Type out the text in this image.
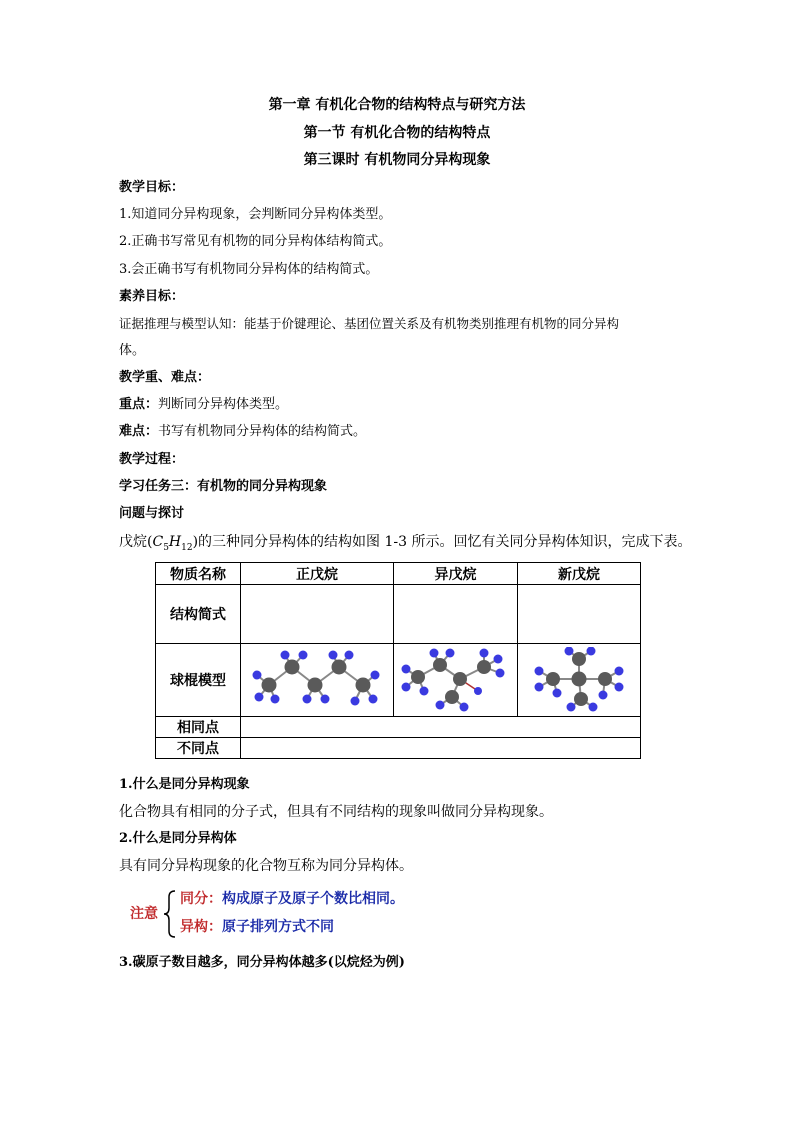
第一章 有机化合物的结构特点与研究方法
第一节 有机化合物的结构特点
第三课时 有机物同分异构现象
教学目标：
1.知道同分异构现象，会判断同分异构体类型。
2.正确书写常见有机物的同分异构体结构简式。
3.会正确书写有机物同分异构体的结构简式。
素养目标：
证据推理与模型认知：能基于价键理论、基团位置关系及有机物类别推理有机物的同分异构
体。
教学重、难点：
重点：判断同分异构体类型。
难点：书写有机物同分异构体的结构简式。
教学过程：
学习任务三：有机物的同分异构现象
问题与探讨
戊烷$(C_5H_{12})$的三种同分异构体的结构如图 1-3 所示。回忆有关同分异构体知识，完成下表。
物质名称	正戊烷	异戊烷	新戊烷
结构简式			
球棍模型	

相同点			
不同点			
1.什么是同分异构现象
化合物具有相同的分子式，但具有不同结构的现象叫做同分异构现象。
2.什么是同分异构体
具有同分异构现象的化合物互称为同分异构体。
注意
同分：构成原子及原子个数比相同。
异构：原子排列方式不同
3.碳原子数目越多，同分异构体越多(以烷烃为例)
